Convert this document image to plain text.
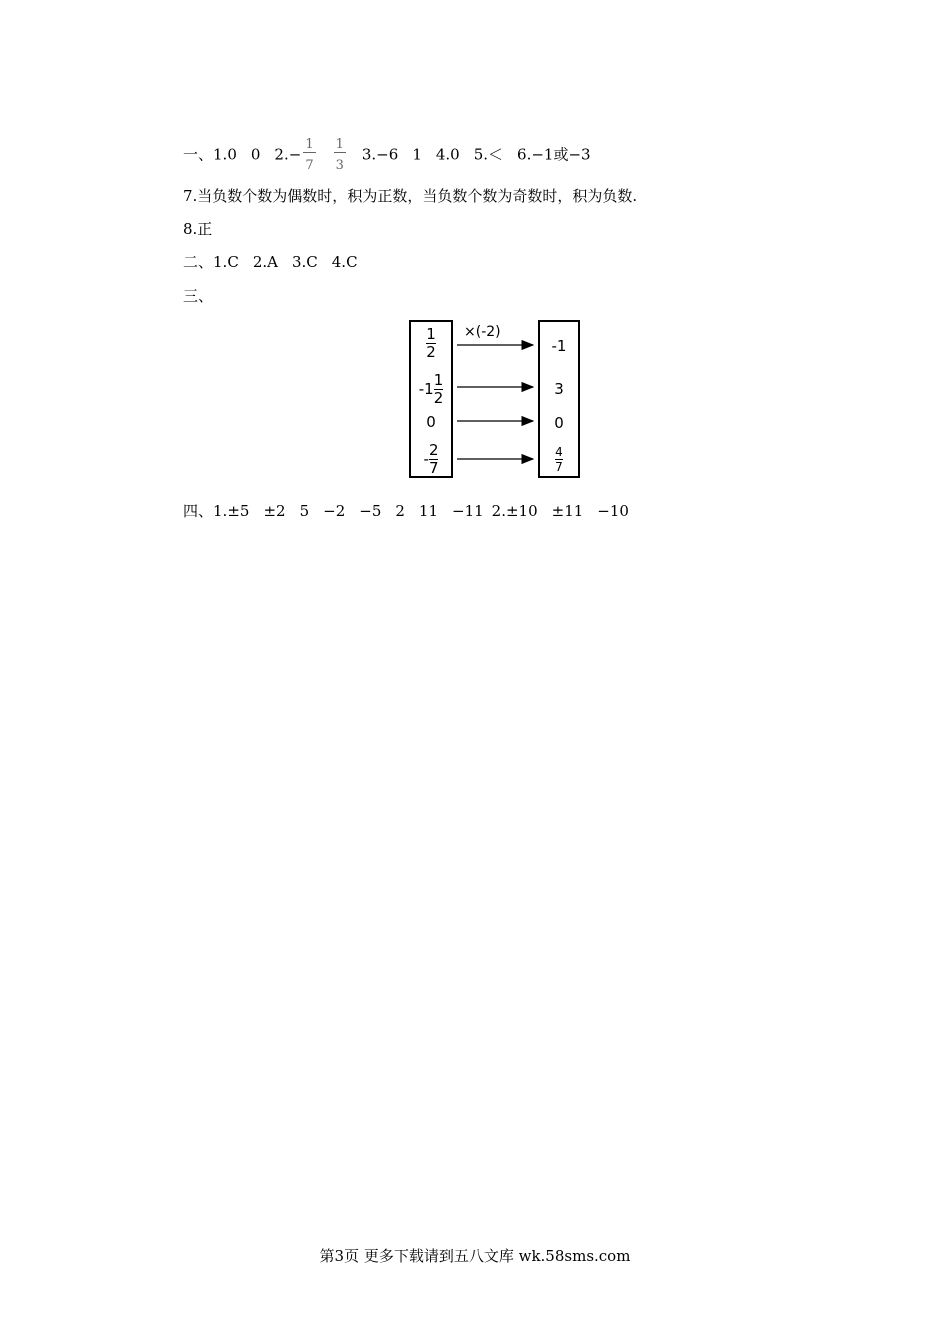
一、1.0 0 $2.- \frac{1}{7} \frac{1}{3} 3.-6$ 1 4.0 5.＜ 6.−1或−3
7.当负数个数为偶数时，积为正数，当负数个数为奇数时，积为负数.
8.正
二、1.C 2.A 3.C 4.C
三、
×(-2)
1
2
-1
1
2
0
-
2
7
-1
3
0
4
7
四、1.±5 ±2 5 −2 −5 2 11 −11 2.±10 ±11 −10
第3页 更多下载请到五八文库 wk.58sms.com
